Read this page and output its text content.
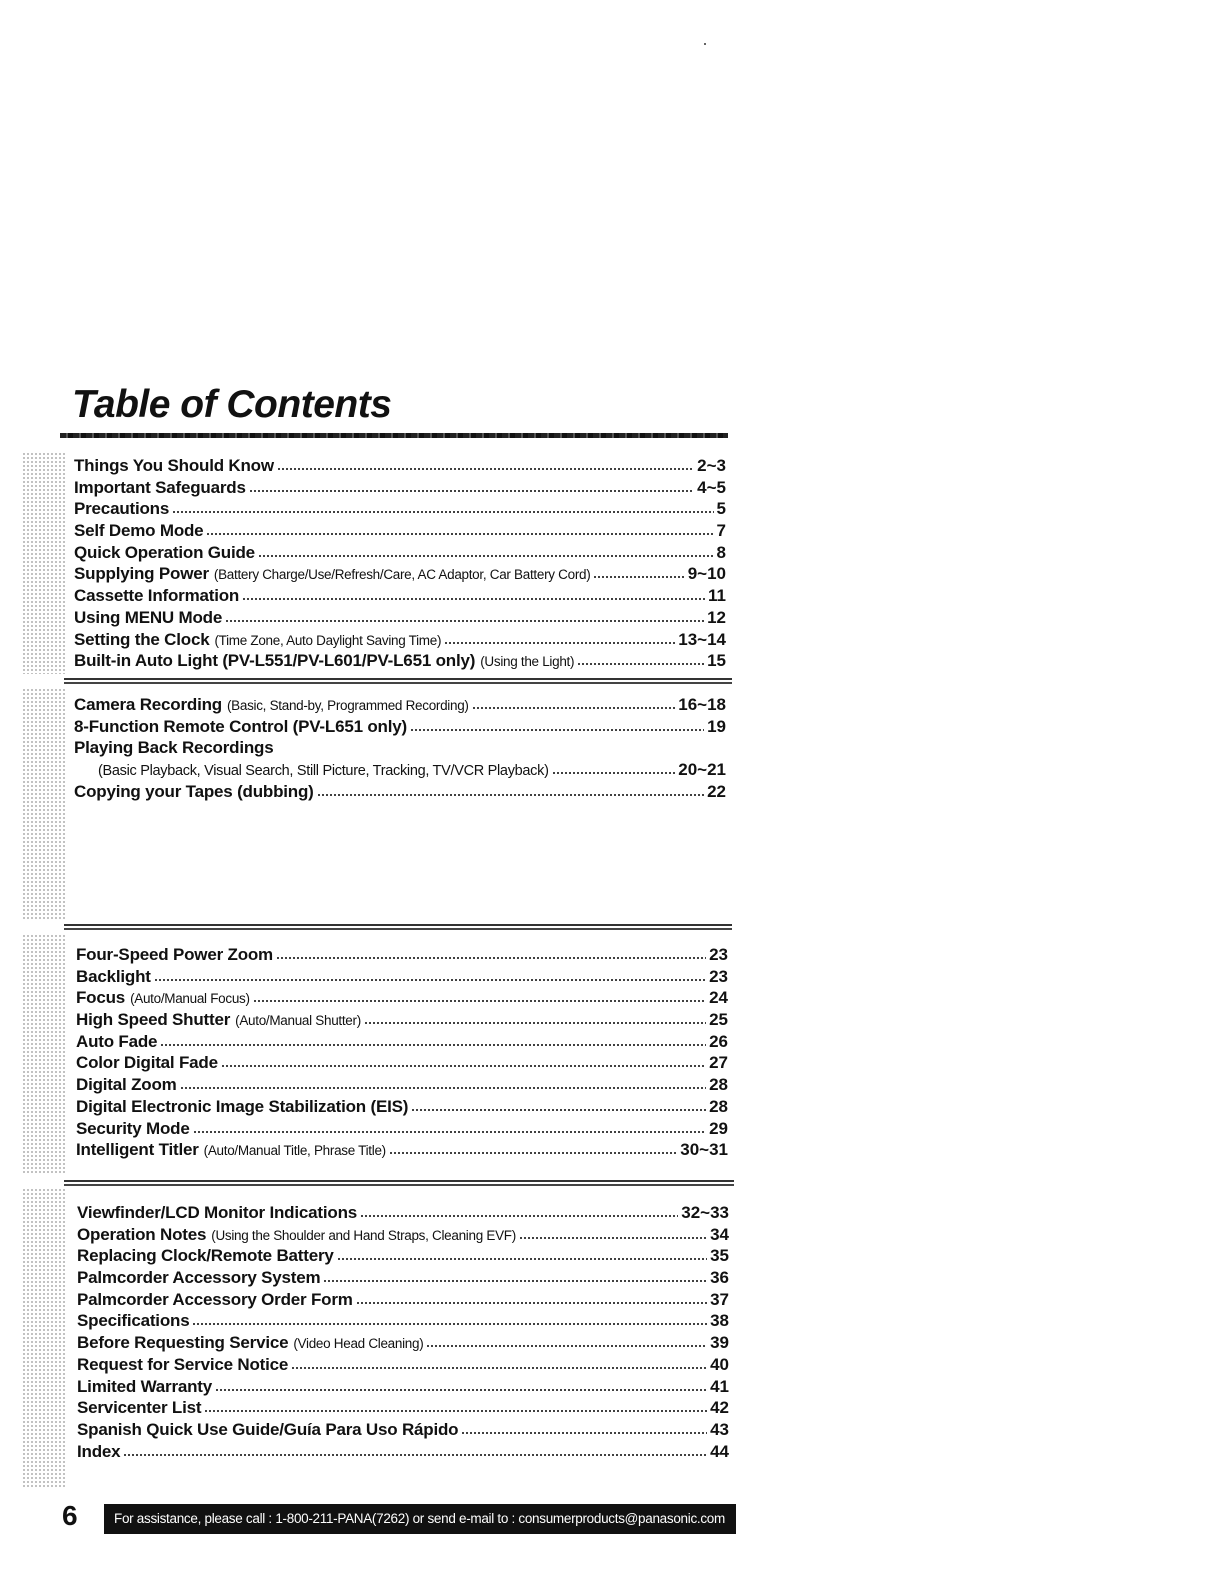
Table of Contents
Things You Should Know	2~3
Important Safeguards	4~5
Precautions	5
Self Demo Mode	7
Quick Operation Guide	8
Supplying Power (Battery Charge/Use/Refresh/Care, AC Adaptor, Car Battery Cord)	9~10
Cassette Information	11
Using MENU Mode	12
Setting the Clock (Time Zone, Auto Daylight Saving Time)	13~14
Built-in Auto Light (PV-L551/PV-L601/PV-L651 only) (Using the Light)	15
Camera Recording (Basic, Stand-by, Programmed Recording)	16~18
8-Function Remote Control (PV-L651 only)	19
Playing Back Recordings
(Basic Playback, Visual Search, Still Picture, Tracking, TV/VCR Playback)	20~21
Copying your Tapes (dubbing)	22
Four-Speed Power Zoom	23
Backlight	23
Focus (Auto/Manual Focus)	24
High Speed Shutter (Auto/Manual Shutter)	25
Auto Fade	26
Color Digital Fade	27
Digital Zoom	28
Digital Electronic Image Stabilization (EIS)	28
Security Mode	29
Intelligent Titler (Auto/Manual Title, Phrase Title)	30~31
Viewfinder/LCD Monitor Indications	32~33
Operation Notes (Using the Shoulder and Hand Straps, Cleaning EVF)	34
Replacing Clock/Remote Battery	35
Palmcorder Accessory System	36
Palmcorder Accessory Order Form	37
Specifications	38
Before Requesting Service (Video Head Cleaning)	39
Request for Service Notice	40
Limited Warranty	41
Servicenter List	42
Spanish Quick Use Guide/Guía Para Uso Rápido	43
Index	44
6	For assistance, please call : 1-800-211-PANA(7262) or send e-mail to : consumerproducts@panasonic.com
